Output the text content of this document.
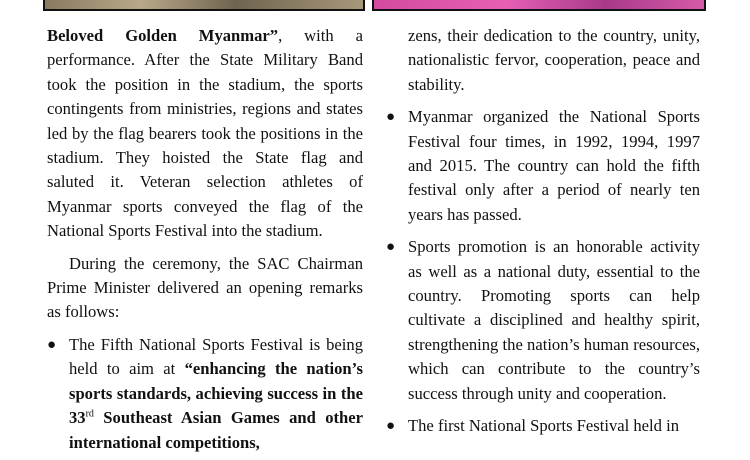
Beloved Golden Myanmar”, with a performance. After the State Military Band took the position in the stadium, the sports contingents from ministries, regions and states led by the flag bearers took the positions in the stadium. They hoisted the State flag and saluted it. Veteran selection athletes of Myanmar sports conveyed the flag of the National Sports Festival into the stadium.

During the ceremony, the SAC Chairman Prime Minister delivered an opening remarks as follows:

● The Fifth National Sports Festival is being held to aim at “enhancing the nation’s sports standards, achieving success in the 33rd Southeast Asian Games and other international competitions,

zens, their dedication to the country, unity, nationalistic fervor, cooperation, peace and stability.

● Myanmar organized the National Sports Festival four times, in 1992, 1994, 1997 and 2015. The country can hold the fifth festival only after a period of nearly ten years has passed.

● Sports promotion is an honorable activity as well as a national duty, essential to the country. Promoting sports can help cultivate a disciplined and healthy spirit, strengthening the nation’s human resources, which can contribute to the country’s success through unity and cooperation.

● The first National Sports Festival held in
